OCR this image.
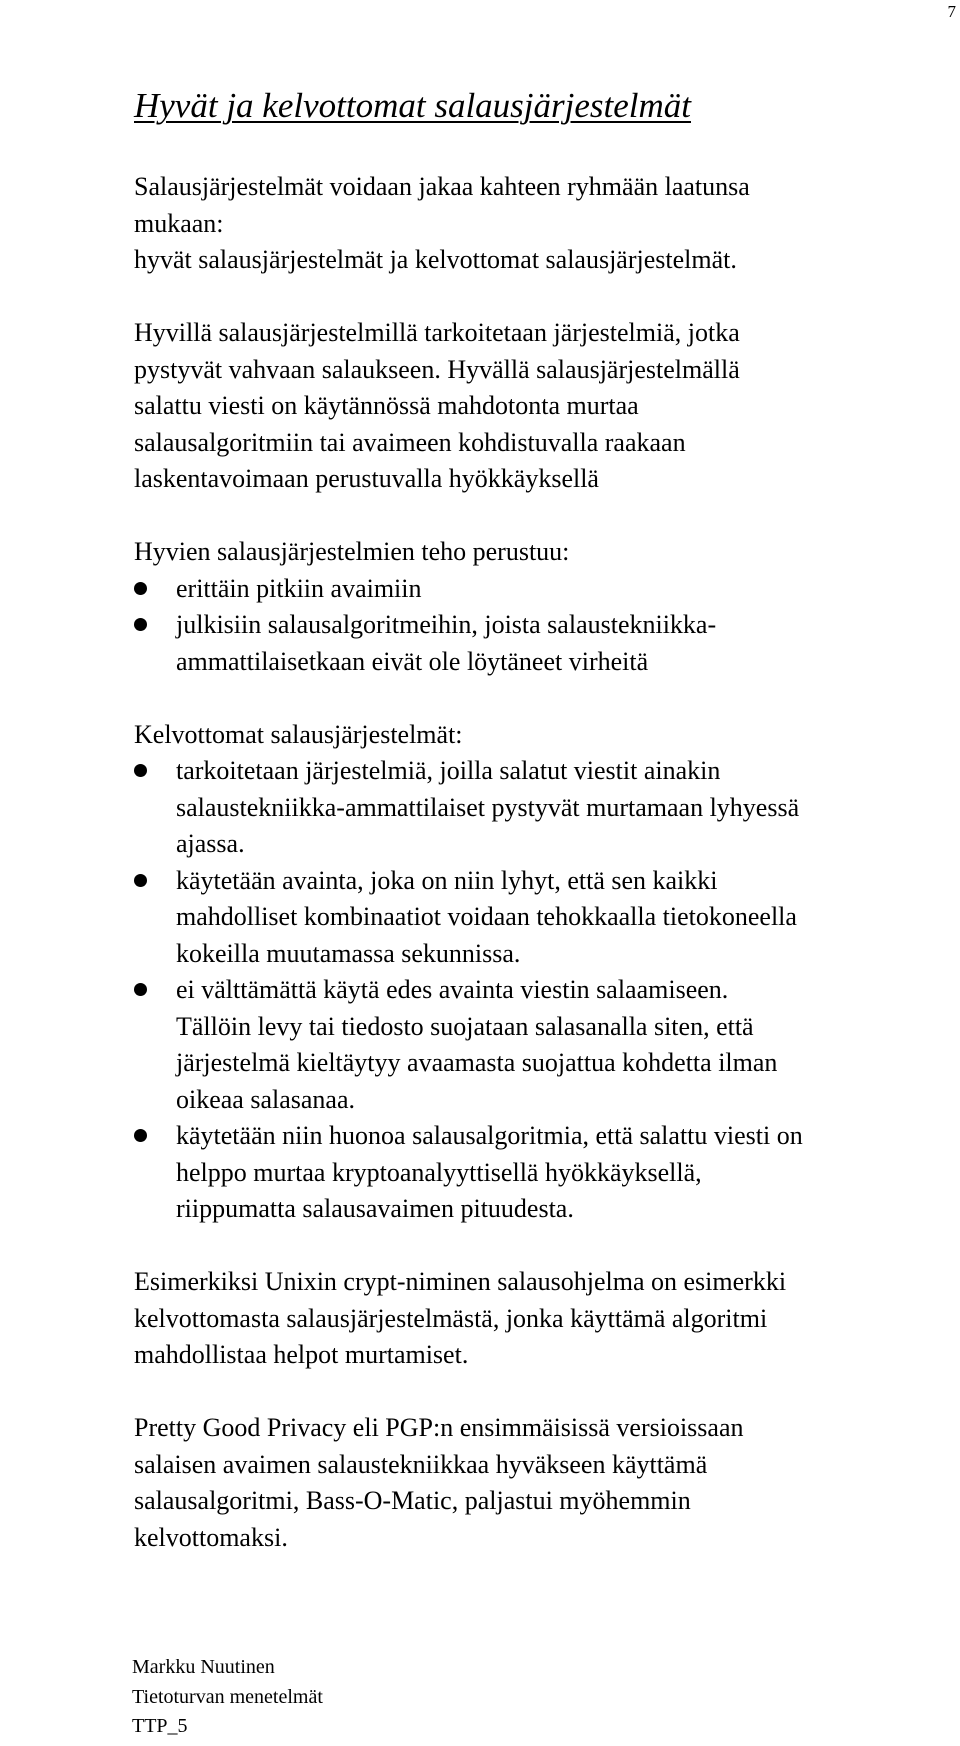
7
Hyvät ja kelvottomat salausjärjestelmät

Salausjärjestelmät voidaan jakaa kahteen ryhmään laatunsa

mukaan:

hyvät salausjärjestelmät ja kelvottomat salausjärjestelmät.

Hyvillä salausjärjestelmillä tarkoitetaan järjestelmiä, jotka

pystyvät vahvaan salaukseen. Hyvällä salausjärjestelmällä

salattu viesti on käytännössä mahdotonta murtaa

salausalgoritmiin tai avaimeen kohdistuvalla raakaan

laskentavoimaan perustuvalla hyökkäyksellä

Hyvien salausjärjestelmien teho perustuu:

erittäin pitkiin avaimiin
julkisiin salausalgoritmeihin, joista salaustekniikka-
ammattilaisetkaan eivät ole löytäneet virheitä

Kelvottomat salausjärjestelmät:

tarkoitetaan järjestelmiä, joilla salatut viestit ainakin
salaustekniikka-ammattilaiset pystyvät murtamaan lyhyessä
ajassa.
käytetään avainta, joka on niin lyhyt, että sen kaikki
mahdolliset kombinaatiot voidaan tehokkaalla tietokoneella
kokeilla muutamassa sekunnissa.
ei välttämättä käytä edes avainta viestin salaamiseen.
Tällöin levy tai tiedosto suojataan salasanalla siten, että
järjestelmä kieltäytyy avaamasta suojattua kohdetta ilman
oikeaa salasanaa.
käytetään niin huonoa salausalgoritmia, että salattu viesti on
helppo murtaa kryptoanalyyttisellä hyökkäyksellä,
riippumatta salausavaimen pituudesta.

Esimerkiksi Unixin crypt-niminen salausohjelma on esimerkki

kelvottomasta salausjärjestelmästä, jonka käyttämä algoritmi

mahdollistaa helpot murtamiset.

Pretty Good Privacy eli PGP:n ensimmäisissä versioissaan

salaisen avaimen salaustekniikkaa hyväkseen käyttämä

salausalgoritmi, Bass-O-Matic, paljastui myöhemmin

kelvottomaksi.

Markku Nuutinen
Tietoturvan menetelmät
TTP_5
